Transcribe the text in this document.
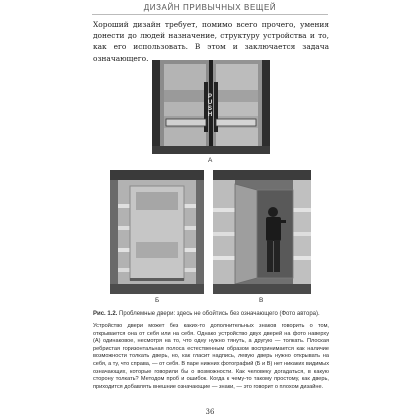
ДИЗАЙН ПРИВЫЧНЫХ ВЕЩЕЙ

Хороший дизайн требует, помимо всего прочего, умения донести до людей назначение, структуру устройства и то, как его использовать. В этом и заключается задача означающего.

PUSH
А
Б	В
Рис. 1.2. Проблемные двери: здесь не обойтись без означающего (Фото автора).

Устройство двери может без каких-то дополнительных знаков говорить о том, открывается она от себя или на себя. Однако устройство двух дверей на фото наверху (А) одинаковое, несмотря на то, что одну нужно тянуть, а другую — толкать. Плоская ребристая горизонтальная полоса естественным образом воспринимается как наличие возможности толкать дверь, но, как гласит надпись, левую дверь нужно открывать на себя, а ту, что справа, — от себя. В паре нижних фотографий (Б и В) нет никаких видимых означающих, которые говорили бы о возможности. Как человеку догадаться, в какую сторону толкать? Методом проб и ошибок. Когда к чему-то такому простому, как дверь, приходится добавлять внешние означающие — знаки, — это говорит о плохом дизайне.

36
